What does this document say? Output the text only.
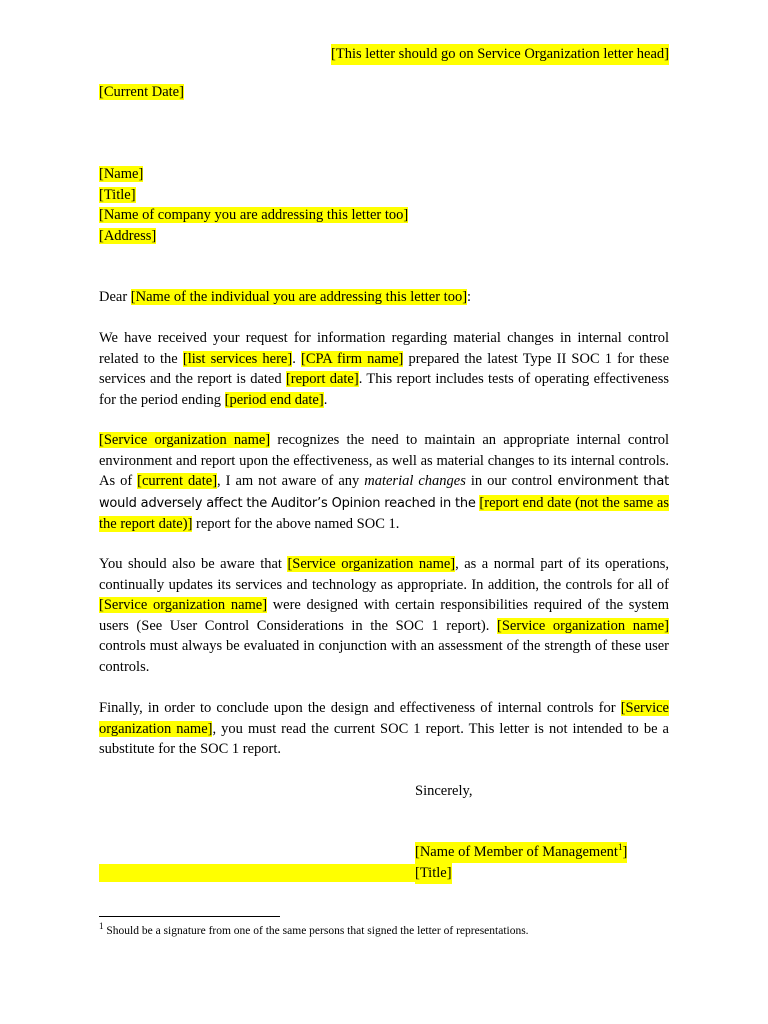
[This letter should go on Service Organization letter head]
[Current Date]
[Name]
[Title]
[Name of company you are addressing this letter too]
[Address]
Dear [Name of the individual you are addressing this letter too]:

We have received your request for information regarding material changes in internal control related to the [list services here]. [CPA firm name] prepared the latest Type II SOC 1 for these services and the report is dated [report date]. This report includes tests of operating effectiveness for the period ending [period end date].

[Service organization name] recognizes the need to maintain an appropriate internal control environment and report upon the effectiveness, as well as material changes to its internal controls. As of [current date], I am not aware of any material changes in our control environment that would adversely affect the Auditor’s Opinion reached in the [report end date (not the same as the report date)] report for the above named SOC 1.

You should also be aware that [Service organization name], as a normal part of its operations, continually updates its services and technology as appropriate. In addition, the controls for all of [Service organization name] were designed with certain responsibilities required of the system users (See User Control Considerations in the SOC 1 report). [Service organization name] controls must always be evaluated in conjunction with an assessment of the strength of these user controls.

Finally, in order to conclude upon the design and effectiveness of internal controls for [Service organization name], you must read the current SOC 1 report. This letter is not intended to be a substitute for the SOC 1 report.

Sincerely,
[Name of Member of Management$^1$]
[Title]
$^1$ Should be a signature from one of the same persons that signed the letter of representations.
